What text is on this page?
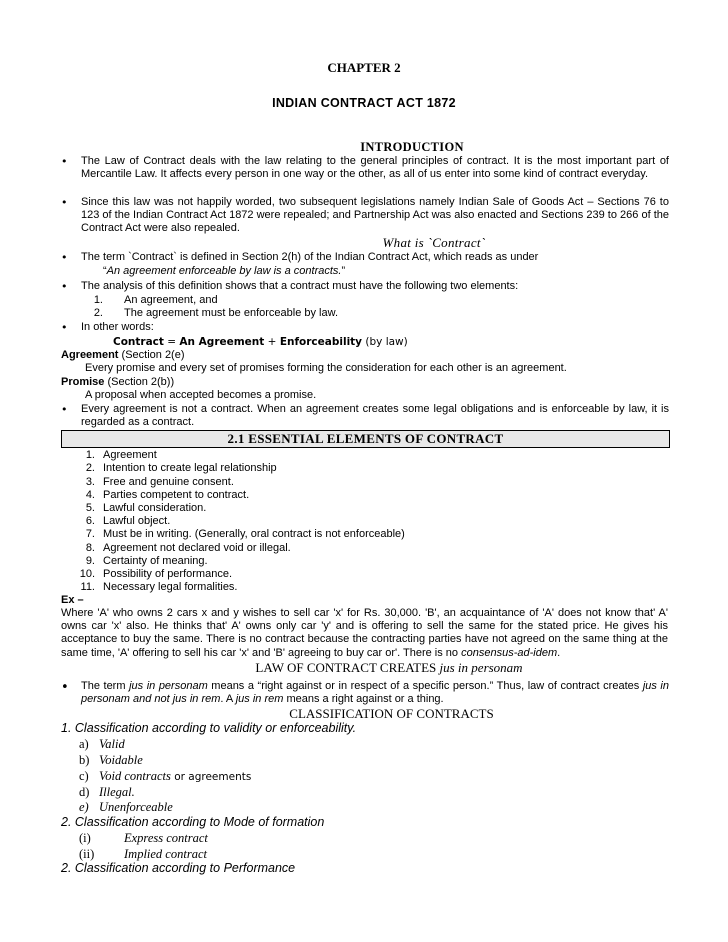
CHAPTER 2
INDIAN CONTRACT ACT 1872
INTRODUCTION
• The Law of Contract deals with the law relating to the general principles of contract. It is the most important part of Mercantile Law. It affects every person in one way or the other, as all of us enter into some kind of contract everyday.
• Since this law was not happily worded, two subsequent legislations namely Indian Sale of Goods Act – Sections 76 to 123 of the Indian Contract Act 1872 were repealed; and Partnership Act was also enacted and Sections 239 to 266 of the Contract Act were also repealed.
What is `Contract`
• The term `Contract` is defined in Section 2(h) of the Indian Contract Act, which reads as under
“An agreement enforceable by law is a contracts.”
• The analysis of this definition shows that a contract must have the following two elements:
1. An agreement, and
2. The agreement must be enforceable by law.
• In other words:
Contract = An Agreement + Enforceability (by law)
Agreement (Section 2(e)
Every promise and every set of promises forming the consideration for each other is an agreement.
Promise (Section 2(b))
A proposal when accepted becomes a promise.
• Every agreement is not a contract. When an agreement creates some legal obligations and is enforceable by law, it is regarded as a contract.
2.1 ESSENTIAL ELEMENTS OF CONTRACT
1. Agreement
2. Intention to create legal relationship
3. Free and genuine consent.
4. Parties competent to contract.
5. Lawful consideration.
6. Lawful object.
7. Must be in writing. (Generally, oral contract is not enforceable)
8. Agreement not declared void or illegal.
9. Certainty of meaning.
10. Possibility of performance.
11. Necessary legal formalities.
Ex –
Where 'A' who owns 2 cars x and y wishes to sell car 'x' for Rs. 30,000. 'B', an acquaintance of 'A' does not know that' A' owns car 'x' also. He thinks that' A' owns only car 'y' and is offering to sell the same for the stated price. He gives his acceptance to buy the same. There is no contract because the contracting parties have not agreed on the same thing at the same time, 'A' offering to sell his car 'x' and 'B' agreeing to buy car or'. There is no consensus-ad-idem.
LAW OF CONTRACT CREATES jus in personam
• The term jus in personam means a “right against or in respect of a specific person.” Thus, law of contract creates jus in personam and not jus in rem. A jus in rem means a right against or a thing.
CLASSIFICATION OF CONTRACTS
1. Classification according to validity or enforceability.
a) Valid
b) Voidable
c) Void contracts or agreements
d) Illegal.
e) Unenforceable
2. Classification according to Mode of formation
(i)	Express contract
(ii) Implied contract
2. Classification according to Performance
